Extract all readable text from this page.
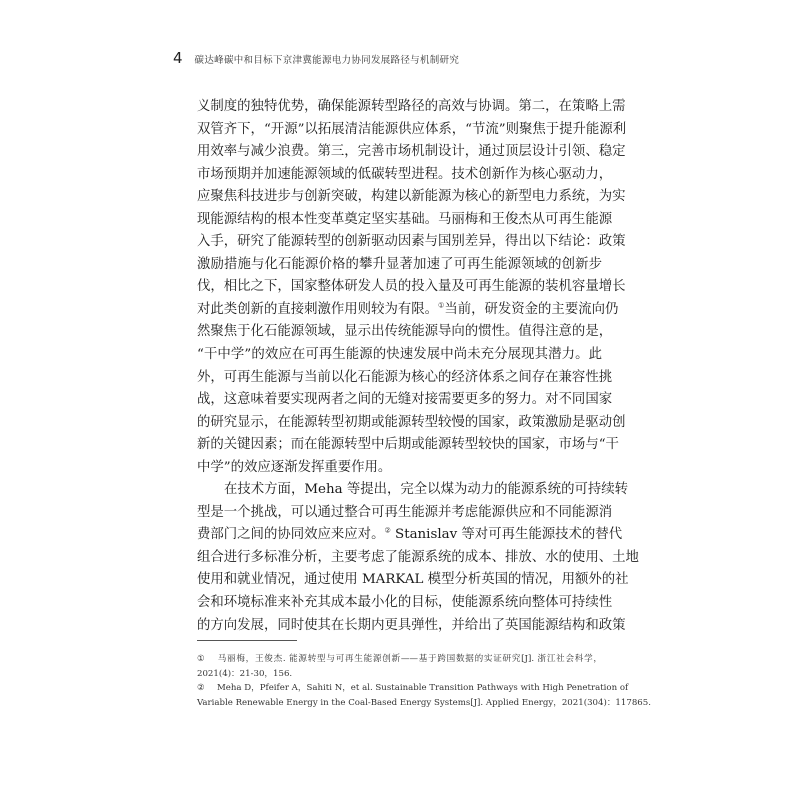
4 碳达峰碳中和目标下京津冀能源电力协同发展路径与机制研究
义制度的独特优势，确保能源转型路径的高效与协调。第二，在策略上需
双管齐下，“开源”以拓展清洁能源供应体系，“节流”则聚焦于提升能源利
用效率与减少浪费。第三，完善市场机制设计，通过顶层设计引领、稳定
市场预期并加速能源领域的低碳转型进程。技术创新作为核心驱动力，
应聚焦科技进步与创新突破，构建以新能源为核心的新型电力系统，为实
现能源结构的根本性变革奠定坚实基础。马丽梅和王俊杰从可再生能源
入手，研究了能源转型的创新驱动因素与国别差异，得出以下结论：政策
激励措施与化石能源价格的攀升显著加速了可再生能源领域的创新步
伐，相比之下，国家整体研发人员的投入量及可再生能源的装机容量增长
对此类创新的直接刺激作用则较为有限。①当前，研发资金的主要流向仍
然聚焦于化石能源领域，显示出传统能源导向的惯性。值得注意的是，
“干中学”的效应在可再生能源的快速发展中尚未充分展现其潜力。此
外，可再生能源与当前以化石能源为核心的经济体系之间存在兼容性挑
战，这意味着要实现两者之间的无缝对接需要更多的努力。对不同国家
的研究显示，在能源转型初期或能源转型较慢的国家，政策激励是驱动创
新的关键因素；而在能源转型中后期或能源转型较快的国家，市场与“干
中学”的效应逐渐发挥重要作用。
在技术方面，Meha 等提出，完全以煤为动力的能源系统的可持续转
型是一个挑战，可以通过整合可再生能源并考虑能源供应和不同能源消
费部门之间的协同效应来应对。② Stanislav 等对可再生能源技术的替代
组合进行多标准分析，主要考虑了能源系统的成本、排放、水的使用、土地
使用和就业情况，通过使用 MARKAL 模型分析英国的情况，用额外的社
会和环境标准来补充其成本最小化的目标，使能源系统向整体可持续性
的方向发展，同时使其在长期内更具弹性，并给出了英国能源结构和政策
① 马丽梅，王俊杰. 能源转型与可再生能源创新——基于跨国数据的实证研究[J]. 浙江社会科学，
2021(4)：21-30，156.
② Meha D，Pfeifer A，Sahiti N，et al. Sustainable Transition Pathways with High Penetration of
Variable Renewable Energy in the Coal-Based Energy Systems[J]. Applied Energy，2021(304)：117865.
